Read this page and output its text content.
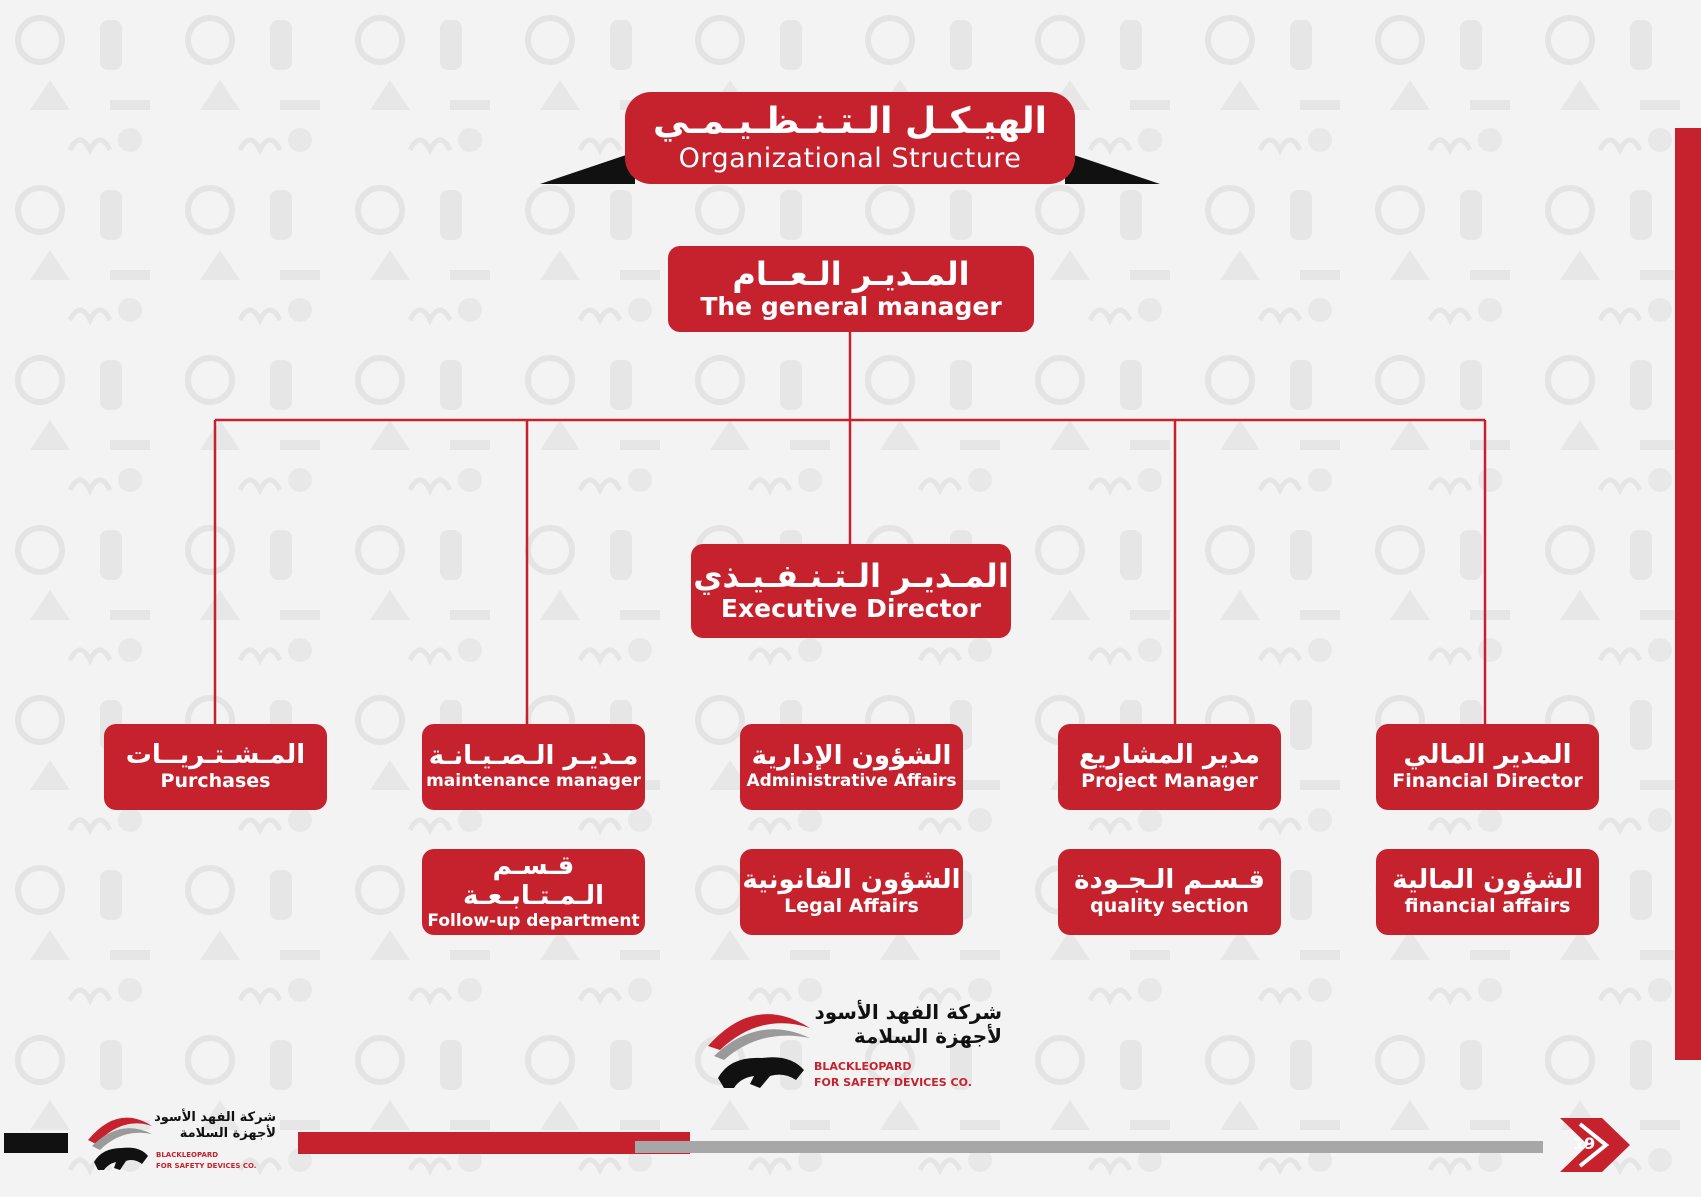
الهيـكـل الـتـنـظـيـمـي
Organizational Structure
المـديـر الـعــام
The general manager
المـديـر الـتـنـفـيـذي
Executive Director
المـشـتـريــات
Purchases
مـديـر الـصـيـانـة
maintenance manager
الشؤون الإدارية
Administrative Affairs
مدير المشاريع
Project Manager
المدير المالي
Financial Director
قـسـم الـمـتـابـعـة
Follow-up department
الشؤون القانونية
Legal Affairs
قـسـم الـجـودة
quality section
الشؤون المالية
financial affairs
شركة الفهد الأسود
لأجهزة السلامة
BLACKLEOPARD
FOR SAFETY DEVICES CO.
شركة الفهد الأسود
لأجهزة السلامة
BLACKLEOPARD
FOR SAFETY DEVICES CO.
19
